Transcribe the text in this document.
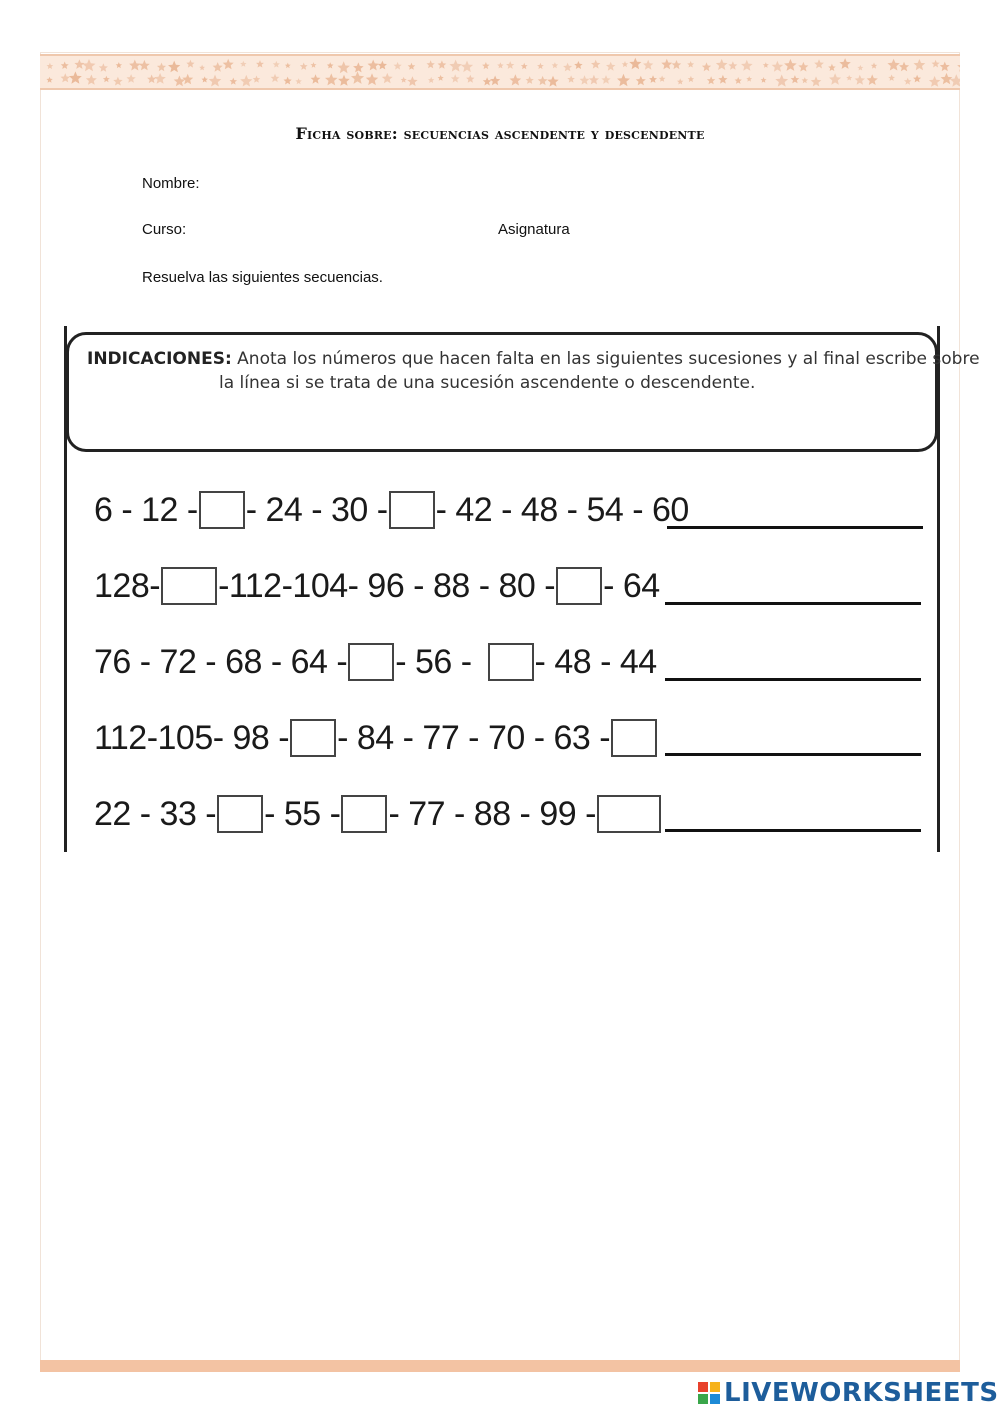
Ficha sobre: secuencias ascendente y descendente
Nombre:
Curso:	Asignatura
Resuelva las siguientes secuencias.
INDICACIONES: Anota los números que hacen falta en las siguientes sucesiones y al final escribe sobre
la línea si se trata de una sucesión ascendente o descendente.
6 - 12 - - 24 - 30 - - 42 - 48 - 54 - 60
128- -112-104- 96 - 88 - 80 - - 64
76 - 72 - 68 - 64 - - 56 - - 48 - 44
112-105- 98 - - 84 - 77 - 70 - 63 -
22 - 33 - - 55 - - 77 - 88 - 99 -
LIVEWORKSHEETS
